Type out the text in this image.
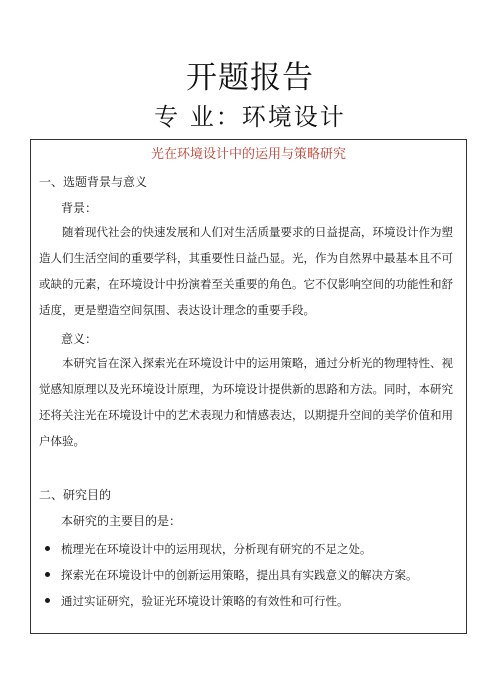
开题报告
专 业：环境设计
光在环境设计中的运用与策略研究
一、选题背景与意义
背景：

随着现代社会的快速发展和人们对生活质量要求的日益提高，环境设计作为塑造人们生活空间的重要学科，其重要性日益凸显。光，作为自然界中最基本且不可或缺的元素，在环境设计中扮演着至关重要的角色。它不仅影响空间的功能性和舒适度，更是塑造空间氛围、表达设计理念的重要手段。

意义：

本研究旨在深入探索光在环境设计中的运用策略，通过分析光的物理特性、视觉感知原理以及光环境设计原理，为环境设计提供新的思路和方法。同时，本研究还将关注光在环境设计中的艺术表现力和情感表达，以期提升空间的美学价值和用户体验。

二、研究目的
本研究的主要目的是：
梳理光在环境设计中的运用现状，分析现有研究的不足之处。
探索光在环境设计中的创新运用策略，提出具有实践意义的解决方案。
通过实证研究，验证光环境设计策略的有效性和可行性。
